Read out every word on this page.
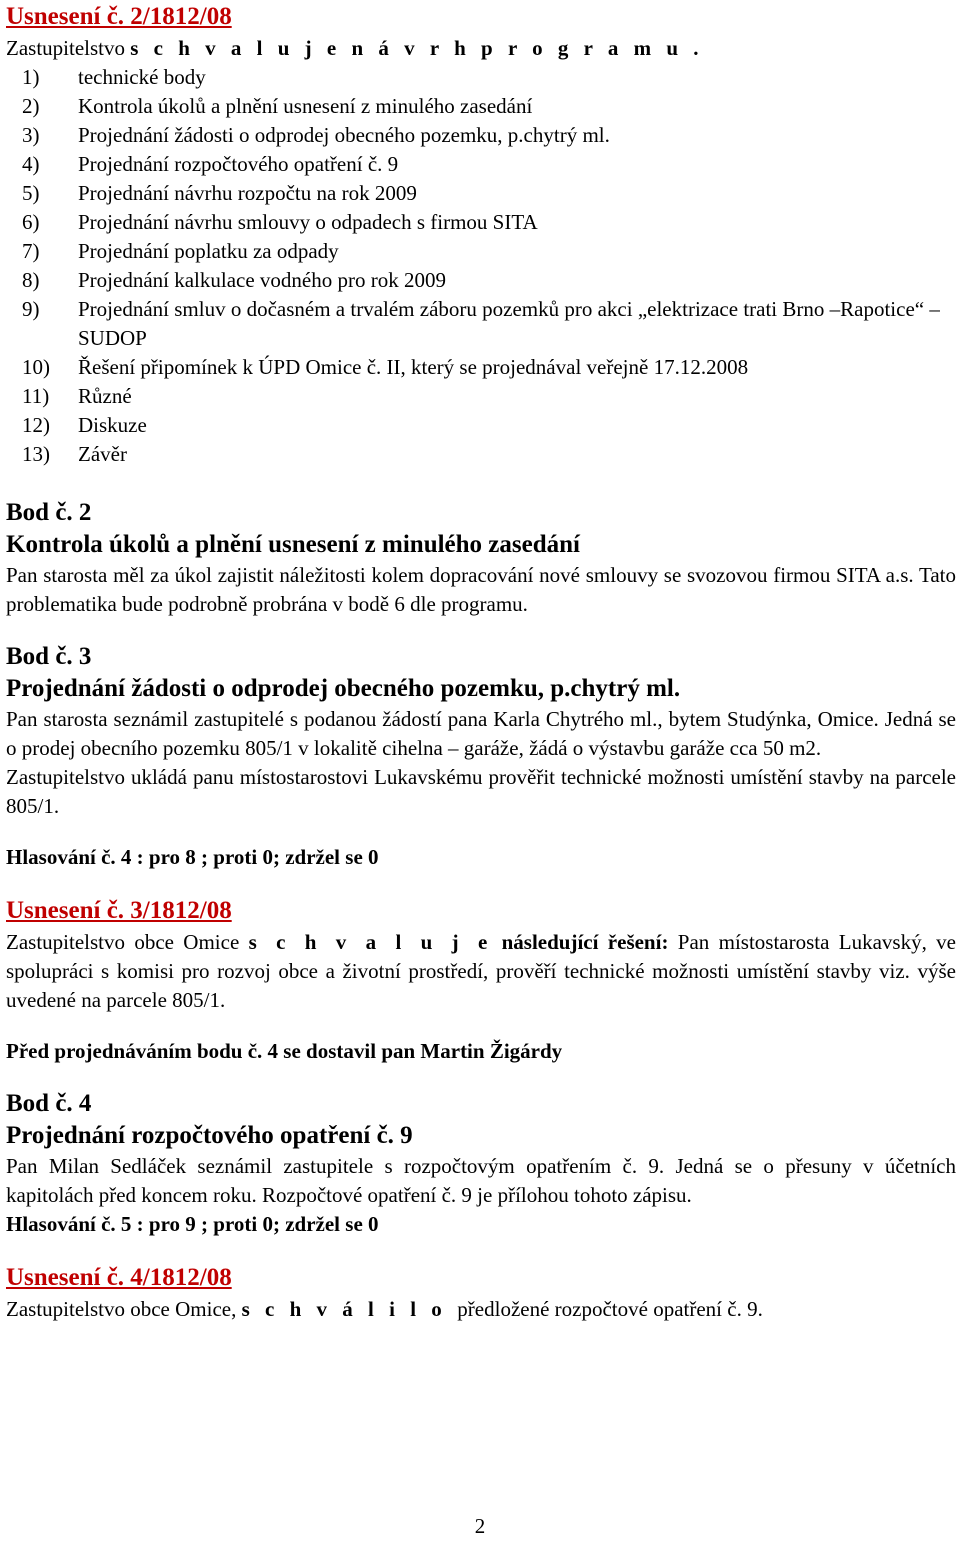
Usnesení č. 2/1812/08
Zastupitelstvo s c h v a l u j e n á v r h p r o g r a m u .
1)	technické body
2)	Kontrola úkolů a plnění usnesení z minulého zasedání
3)	Projednání žádosti o odprodej obecného pozemku, p.chytrý ml.
4)	Projednání rozpočtového opatření č. 9
5)	Projednání návrhu rozpočtu na rok 2009
6)	Projednání návrhu smlouvy o odpadech s firmou SITA
7)	Projednání poplatku za odpady
8)	Projednání kalkulace vodného pro rok 2009
9)	Projednání smluv o dočasném a trvalém záboru pozemků pro akci „elektrizace trati Brno –Rapotice“ – SUDOP
10)	Řešení připomínek k ÚPD Omice č. II, který se projednával veřejně 17.12.2008
11)	Různé
12)	Diskuze
13)	Závěr
Bod č. 2
Kontrola úkolů a plnění usnesení z minulého zasedání

Pan starosta měl za úkol zajistit náležitosti kolem dopracování nové smlouvy se svozovou firmou SITA a.s. Tato problematika bude podrobně probrána v bodě 6 dle programu.

Bod č. 3
Projednání žádosti o odprodej obecného pozemku, p.chytrý ml.

Pan starosta seznámil zastupitelé s podanou žádostí pana Karla Chytrého ml., bytem Studýnka, Omice. Jedná se o prodej obecního pozemku 805/1 v lokalitě cihelna – garáže, žádá o výstavbu garáže cca 50 m2.

Zastupitelstvo ukládá panu místostarostovi Lukavskému prověřit technické možnosti umístění stavby na parcele 805/1.

Hlasování č. 4 : pro 8 ; proti 0; zdržel se 0
Usnesení č. 3/1812/08

Zastupitelstvo obce Omice s c h v a l u j e následující řešení: Pan místostarosta Lukavský, ve spolupráci s komisi pro rozvoj obce a životní prostředí, prověří technické možnosti umístění stavby viz. výše uvedené na parcele 805/1.

Před projednáváním bodu č. 4 se dostavil pan Martin Žigárdy
Bod č. 4
Projednání rozpočtového opatření č. 9

Pan Milan Sedláček seznámil zastupitele s rozpočtovým opatřením č. 9. Jedná se o přesuny v účetních kapitolách před koncem roku. Rozpočtové opatření č. 9 je přílohou tohoto zápisu.

Hlasování č. 5 : pro 9 ; proti 0; zdržel se 0
Usnesení č. 4/1812/08
Zastupitelstvo obce Omice, s c h v á l i l o  předložené rozpočtové opatření č. 9.
2
